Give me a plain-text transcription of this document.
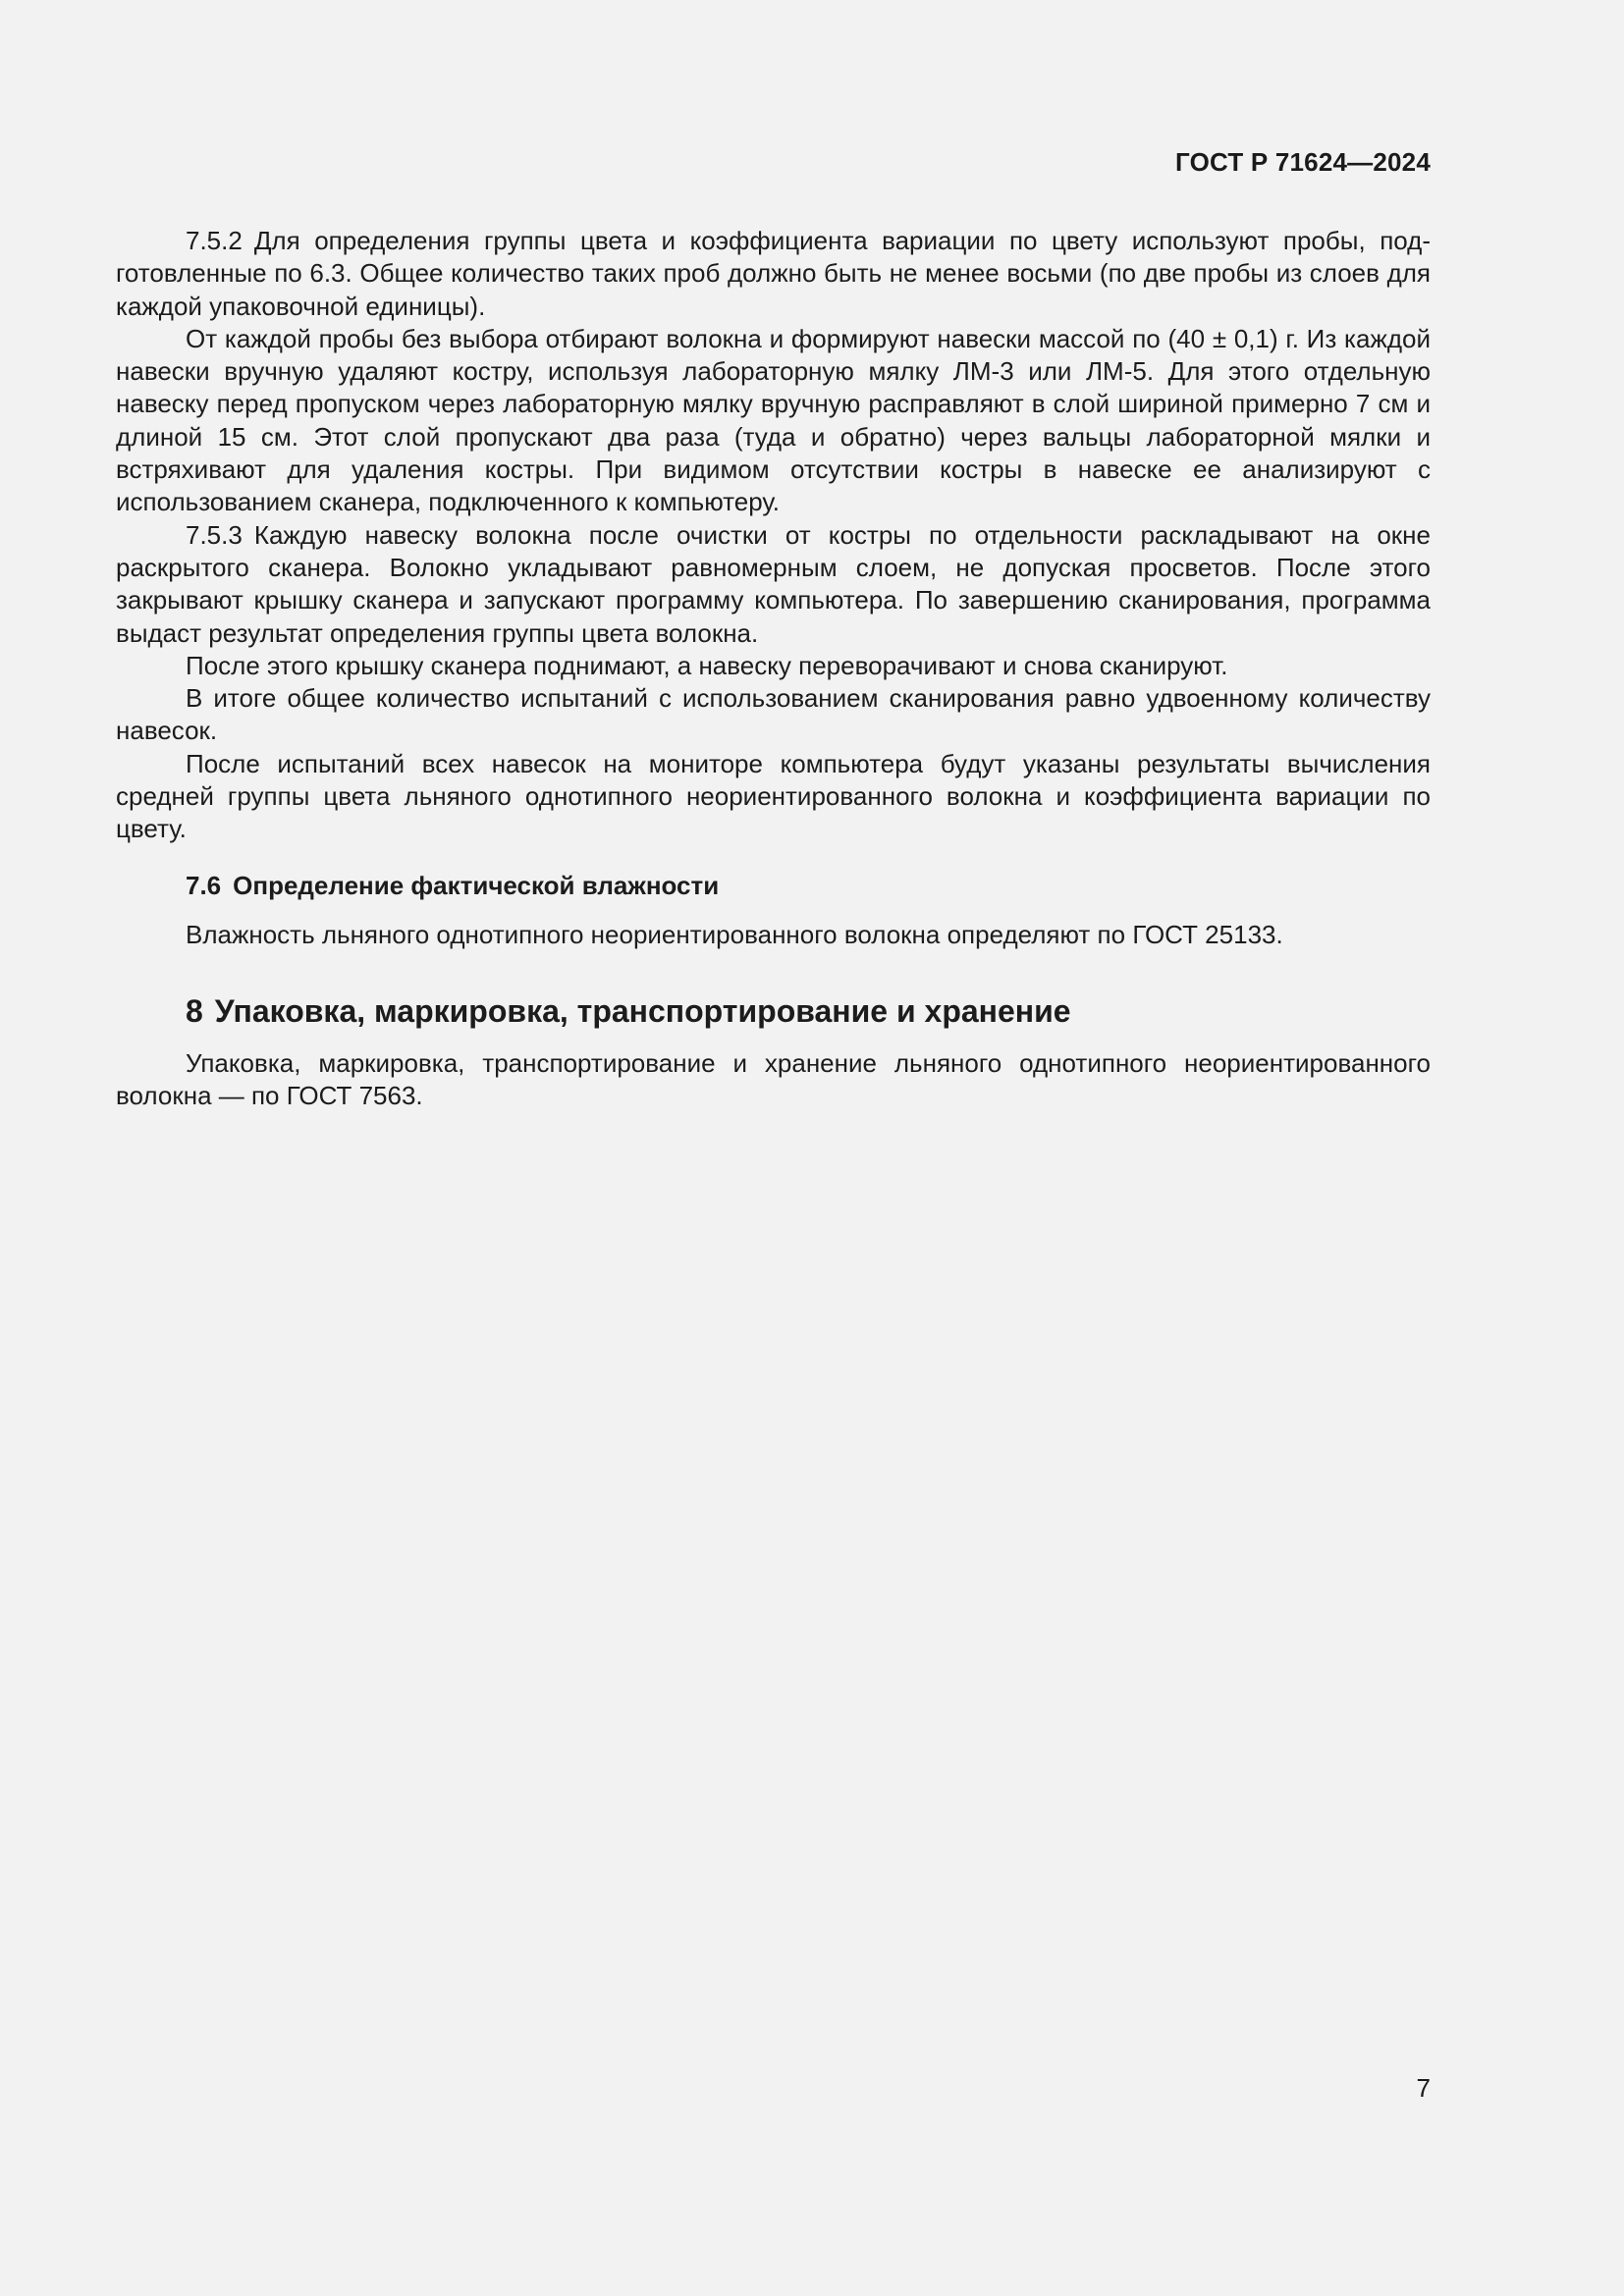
ГОСТ Р 71624—2024

7.5.2 Для определения группы цвета и коэффициента вариации по цвету используют пробы, подготовленные по 6.3. Общее количество таких проб должно быть не менее восьми (по две пробы из слоев для каждой упаковочной единицы).

От каждой пробы без выбора отбирают волокна и формируют навески массой по (40 ± 0,1) г. Из каждой навески вручную удаляют костру, используя лабораторную мялку ЛМ-3 или ЛМ-5. Для этого отдельную навеску перед пропуском через лабораторную мялку вручную расправляют в слой шириной примерно 7 см и длиной 15 см. Этот слой пропускают два раза (туда и обратно) через вальцы лабораторной мялки и встряхивают для удаления костры. При видимом отсутствии костры в навеске ее анализируют с использованием сканера, подключенного к компьютеру.

7.5.3 Каждую навеску волокна после очистки от костры по отдельности раскладывают на окне раскрытого сканера. Волокно укладывают равномерным слоем, не допуская просветов. После этого закрывают крышку сканера и запускают программу компьютера. По завершению сканирования, программа выдаст результат определения группы цвета волокна.

После этого крышку сканера поднимают, а навеску переворачивают и снова сканируют.

В итоге общее количество испытаний с использованием сканирования равно удвоенному количеству навесок.

После испытаний всех навесок на мониторе компьютера будут указаны результаты вычисления средней группы цвета льняного однотипного неориентированного волокна и коэффициента вариации по цвету.

7.6 Определение фактической влажности

Влажность льняного однотипного неориентированного волокна определяют по ГОСТ 25133.

8 Упаковка, маркировка, транспортирование и хранение

Упаковка, маркировка, транспортирование и хранение льняного однотипного неориентированного волокна — по ГОСТ 7563.

7
